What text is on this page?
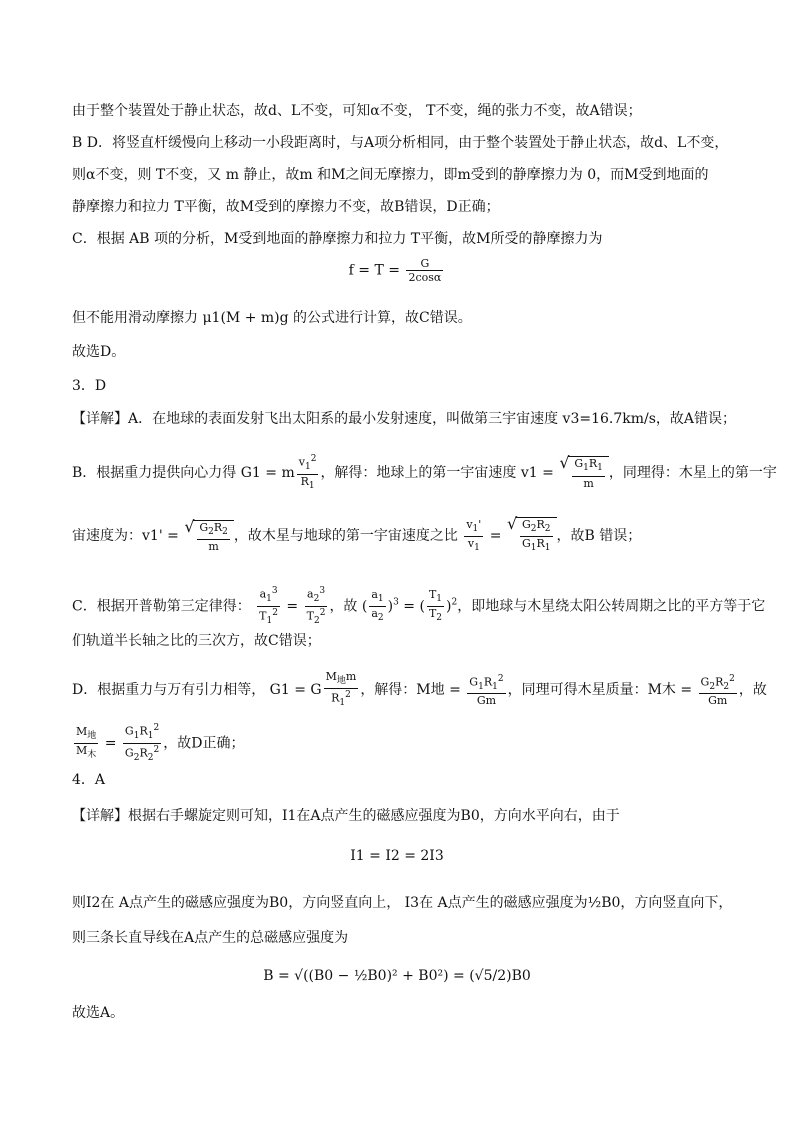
由于整个装置处于静止状态，故d、L不变，可知α不变， T不变，绳的张力不变，故A错误；
B D．将竖直杆缓慢向上移动一小段距离时，与A项分析相同，由于整个装置处于静止状态，故d、L不变，
则α不变，则 T不变，又 m 静止，故m 和M之间无摩擦力，即m受到的静摩擦力为 0，而M受到地面的
静摩擦力和拉力 T平衡，故M受到的摩擦力不变，故B错误，D正确；
C．根据 AB 项的分析，M受到地面的静摩擦力和拉力 T平衡，故M所受的静摩擦力为
$f = T = \frac{G}{2\cos\alpha}$
但不能用滑动摩擦力 μ1(M + m)g 的公式进行计算，故C错误。
故选D。
3．D
【详解】A．在地球的表面发射飞出太阳系的最小发射速度，叫做第三宇宙速度 v3=16.7km/s，故A错误；
B．根据重力提供向心力得 G1 = m $\frac{v_1^2}{R_1}$ ，解得：地球上的第一宇宙速度 v1 = √ $\frac{G_1R_1}{m}$ ，同理得：木星上的第一宇
宙速度为：v1' = √ $\frac{G_2R_2}{m}$ ，故木星与地球的第一宇宙速度之比 $\frac{v_1'}{v_1}$ = √ $\frac{G_2R_2}{G_1R_1}$ ，故B 错误；
C．根据开普勒第三定律得： $\frac{a_1^3}{T_1^2} = \frac{a_2^3}{T_2^2}$ ，故 ( $\frac{a_1}{a_2} )^3$ = ( $\frac{T_1}{T_2} )^2$，即地球与木星绕太阳公转周期之比的平方等于它
们轨道半长轴之比的三次方，故C错误；
D．根据重力与万有引力相等， G1 = G $\frac{M_地m}{R_1^2}$ ，解得：M地 = $\frac{G_1R_1^2}{Gm}$ ，同理可得木星质量：M木 = $\frac{G_2R_2^2}{Gm}$ ，故
$\frac{M_地}{M_木} = \frac{G_1R_1^2}{G_2R_2^2}$ ，故D正确；
4．A
【详解】根据右手螺旋定则可知，I1在A点产生的磁感应强度为B0，方向水平向右，由于
I1 = I2 = 2I3
则I2在 A点产生的磁感应强度为B0，方向竖直向上， I3在 A点产生的磁感应强度为½B0，方向竖直向下，
则三条长直导线在A点产生的总磁感应强度为
B = √((B0 − ½B0)² + B0²) = (√5/2)B0
故选A。
